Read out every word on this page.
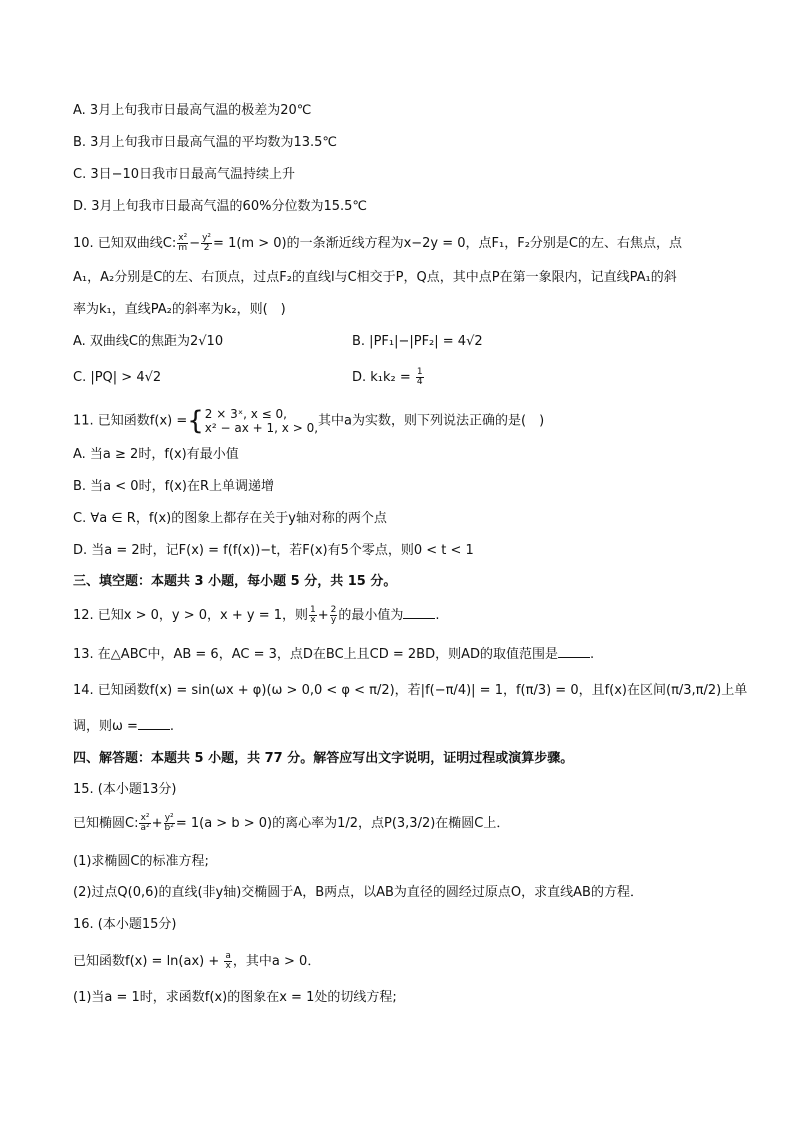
A. 3月上旬我市日最高气温的极差为20℃
B. 3月上旬我市日最高气温的平均数为13.5℃
C. 3日−10日我市日最高气温持续上升
D. 3月上旬我市日最高气温的60%分位数为15.5℃
10. 已知双曲线C: $\frac{\text{x²}}{m} - \frac{\text{y²}}{2} = 1(m > 0)$的一条渐近线方程为x−2y = 0，点F₁，F₂分别是C的左、右焦点，点
A₁，A₂分别是C的左、右顶点，过点F₂的直线l与C相交于P，Q点，其中点P在第一象限内，记直线PA₁的斜
率为k₁，直线PA₂的斜率为k₂，则(　)
A. 双曲线C的焦距为2√10	B. |PF₁|−|PF₂| = 4√2
C. |PQ| > 4√2	D. $k_1k_2 = \frac{1}{4}$
11. 已知函数f(x) ={ 2 × 3ˣ, x ≤ 0,
x² − ax + 1, x > 0, 其中a为实数，则下列说法正确的是(　)
A. 当a ≥ 2时，f(x)有最小值
B. 当a < 0时，f(x)在R上单调递增
C. ∀a ∈ R，f(x)的图象上都存在关于y轴对称的两个点
D. 当a = 2时，记F(x) = f(f(x))−t，若F(x)有5个零点，则0 < t < 1
三、填空题：本题共 3 小题，每小题 5 分，共 15 分。
12. 已知x > 0，y > 0，x + y = 1，则 $\frac{1}{x} + \frac{2}{y}$ 的最小值为 .
13. 在△ABC中，AB = 6，AC = 3，点D在BC上且CD = 2BD，则AD的取值范围是 .
14. 已知函数f(x) = sin(ωx + φ)(ω > 0,0 < φ < π/2)，若|f(−π/4)| = 1，f(π/3) = 0，且f(x)在区间(π/3,π/2)上单
调，则ω = .
四、解答题：本题共 5 小题，共 77 分。解答应写出文字说明，证明过程或演算步骤。
15. (本小题13分)
已知椭圆C: $\frac{\text{x²}}{\text{a²}} + \frac{\text{y²}}{\text{b²}} = 1(a > b > 0)$的离心率为1/2，点P(3,3/2)在椭圆C上．
(1)求椭圆C的标准方程;
(2)过点Q(0,6)的直线(非y轴)交椭圆于A，B两点，以AB为直径的圆经过原点O，求直线AB的方程．
16. (本小题15分)
已知函数$f(x) = \ln(ax) + \frac{a}{x}$ ，其中a > 0．
(1)当a = 1时，求函数f(x)的图象在x = 1处的切线方程;
